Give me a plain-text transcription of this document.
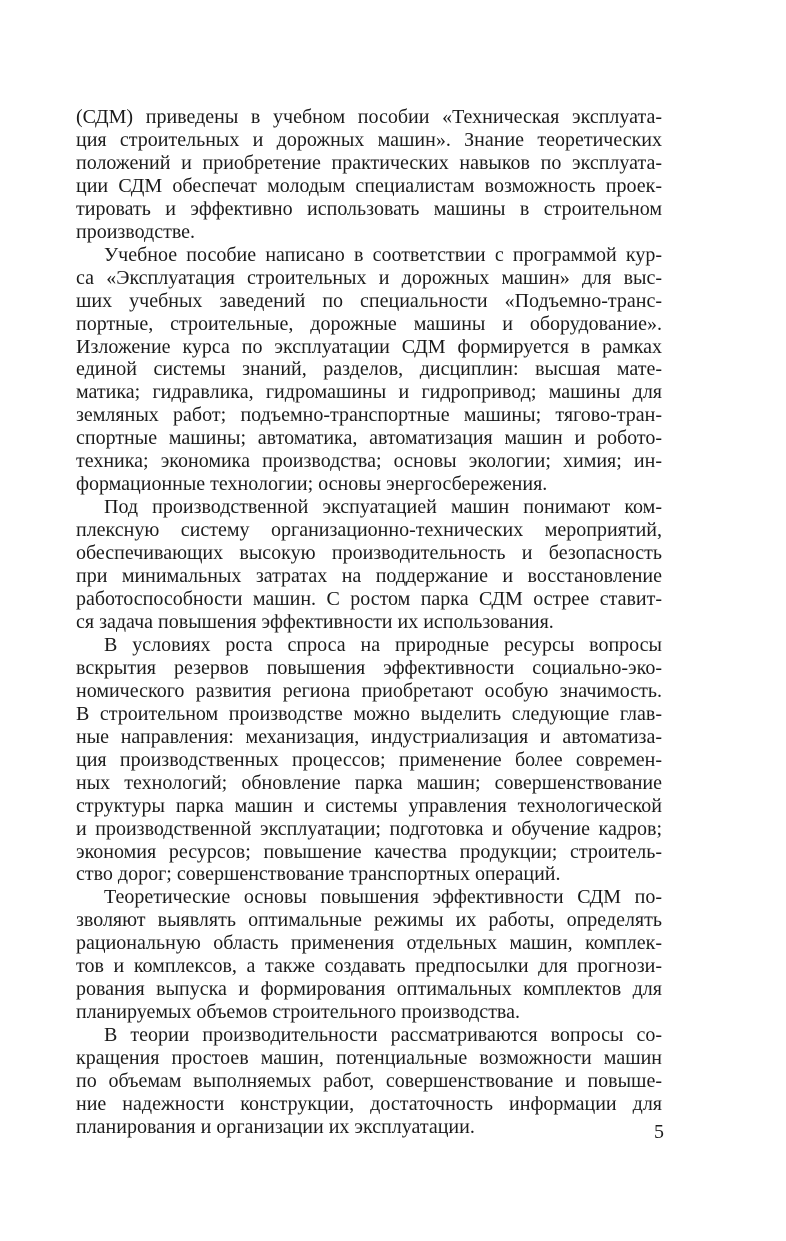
(СДМ) приведены в учебном пособии «Техническая эксплуата-
ция строительных и дорожных машин». Знание теоретических
положений и приобретение практических навыков по эксплуата-
ции СДМ обеспечат молодым специалистам возможность проек-
тировать и эффективно использовать машины в строительном
производстве.
Учебное пособие написано в соответствии с программой кур-
са «Эксплуатация строительных и дорожных машин» для выс-
ших учебных заведений по специальности «Подъемно-транс-
портные, строительные, дорожные машины и оборудование».
Изложение курса по эксплуатации СДМ формируется в рамках
единой системы знаний, разделов, дисциплин: высшая мате-
матика; гидравлика, гидромашины и гидропривод; машины для
земляных работ; подъемно-транспортные машины; тягово-тран-
спортные машины; автоматика, автоматизация машин и робото-
техника; экономика производства; основы экологии; химия; ин-
формационные технологии; основы энергосбережения.
Под производственной экспуатацией машин понимают ком-
плексную систему организационно-технических мероприятий,
обеспечивающих высокую производительность и безопасность
при минимальных затратах на поддержание и восстановление
работоспособности машин. С ростом парка СДМ острее ставит-
ся задача повышения эффективности их использования.
В условиях роста спроса на природные ресурсы вопросы
вскрытия резервов повышения эффективности социально-эко-
номического развития региона приобретают особую значимость.
В строительном производстве можно выделить следующие глав-
ные направления: механизация, индустриализация и автоматиза-
ция производственных процессов; применение более современ-
ных технологий; обновление парка машин; совершенствование
структуры парка машин и системы управления технологической
и производственной эксплуатации; подготовка и обучение кадров;
экономия ресурсов; повышение качества продукции; строитель-
ство дорог; совершенствование транспортных операций.
Теоретические основы повышения эффективности СДМ по-
зволяют выявлять оптимальные режимы их работы, определять
рациональную область применения отдельных машин, комплек-
тов и комплексов, а также создавать предпосылки для прогнози-
рования выпуска и формирования оптимальных комплектов для
планируемых объемов строительного производства.
В теории производительности рассматриваются вопросы со-
кращения простоев машин, потенциальные возможности машин
по объемам выполняемых работ, совершенствование и повыше-
ние надежности конструкции, достаточность информации для
планирования и организации их эксплуатации.	5
